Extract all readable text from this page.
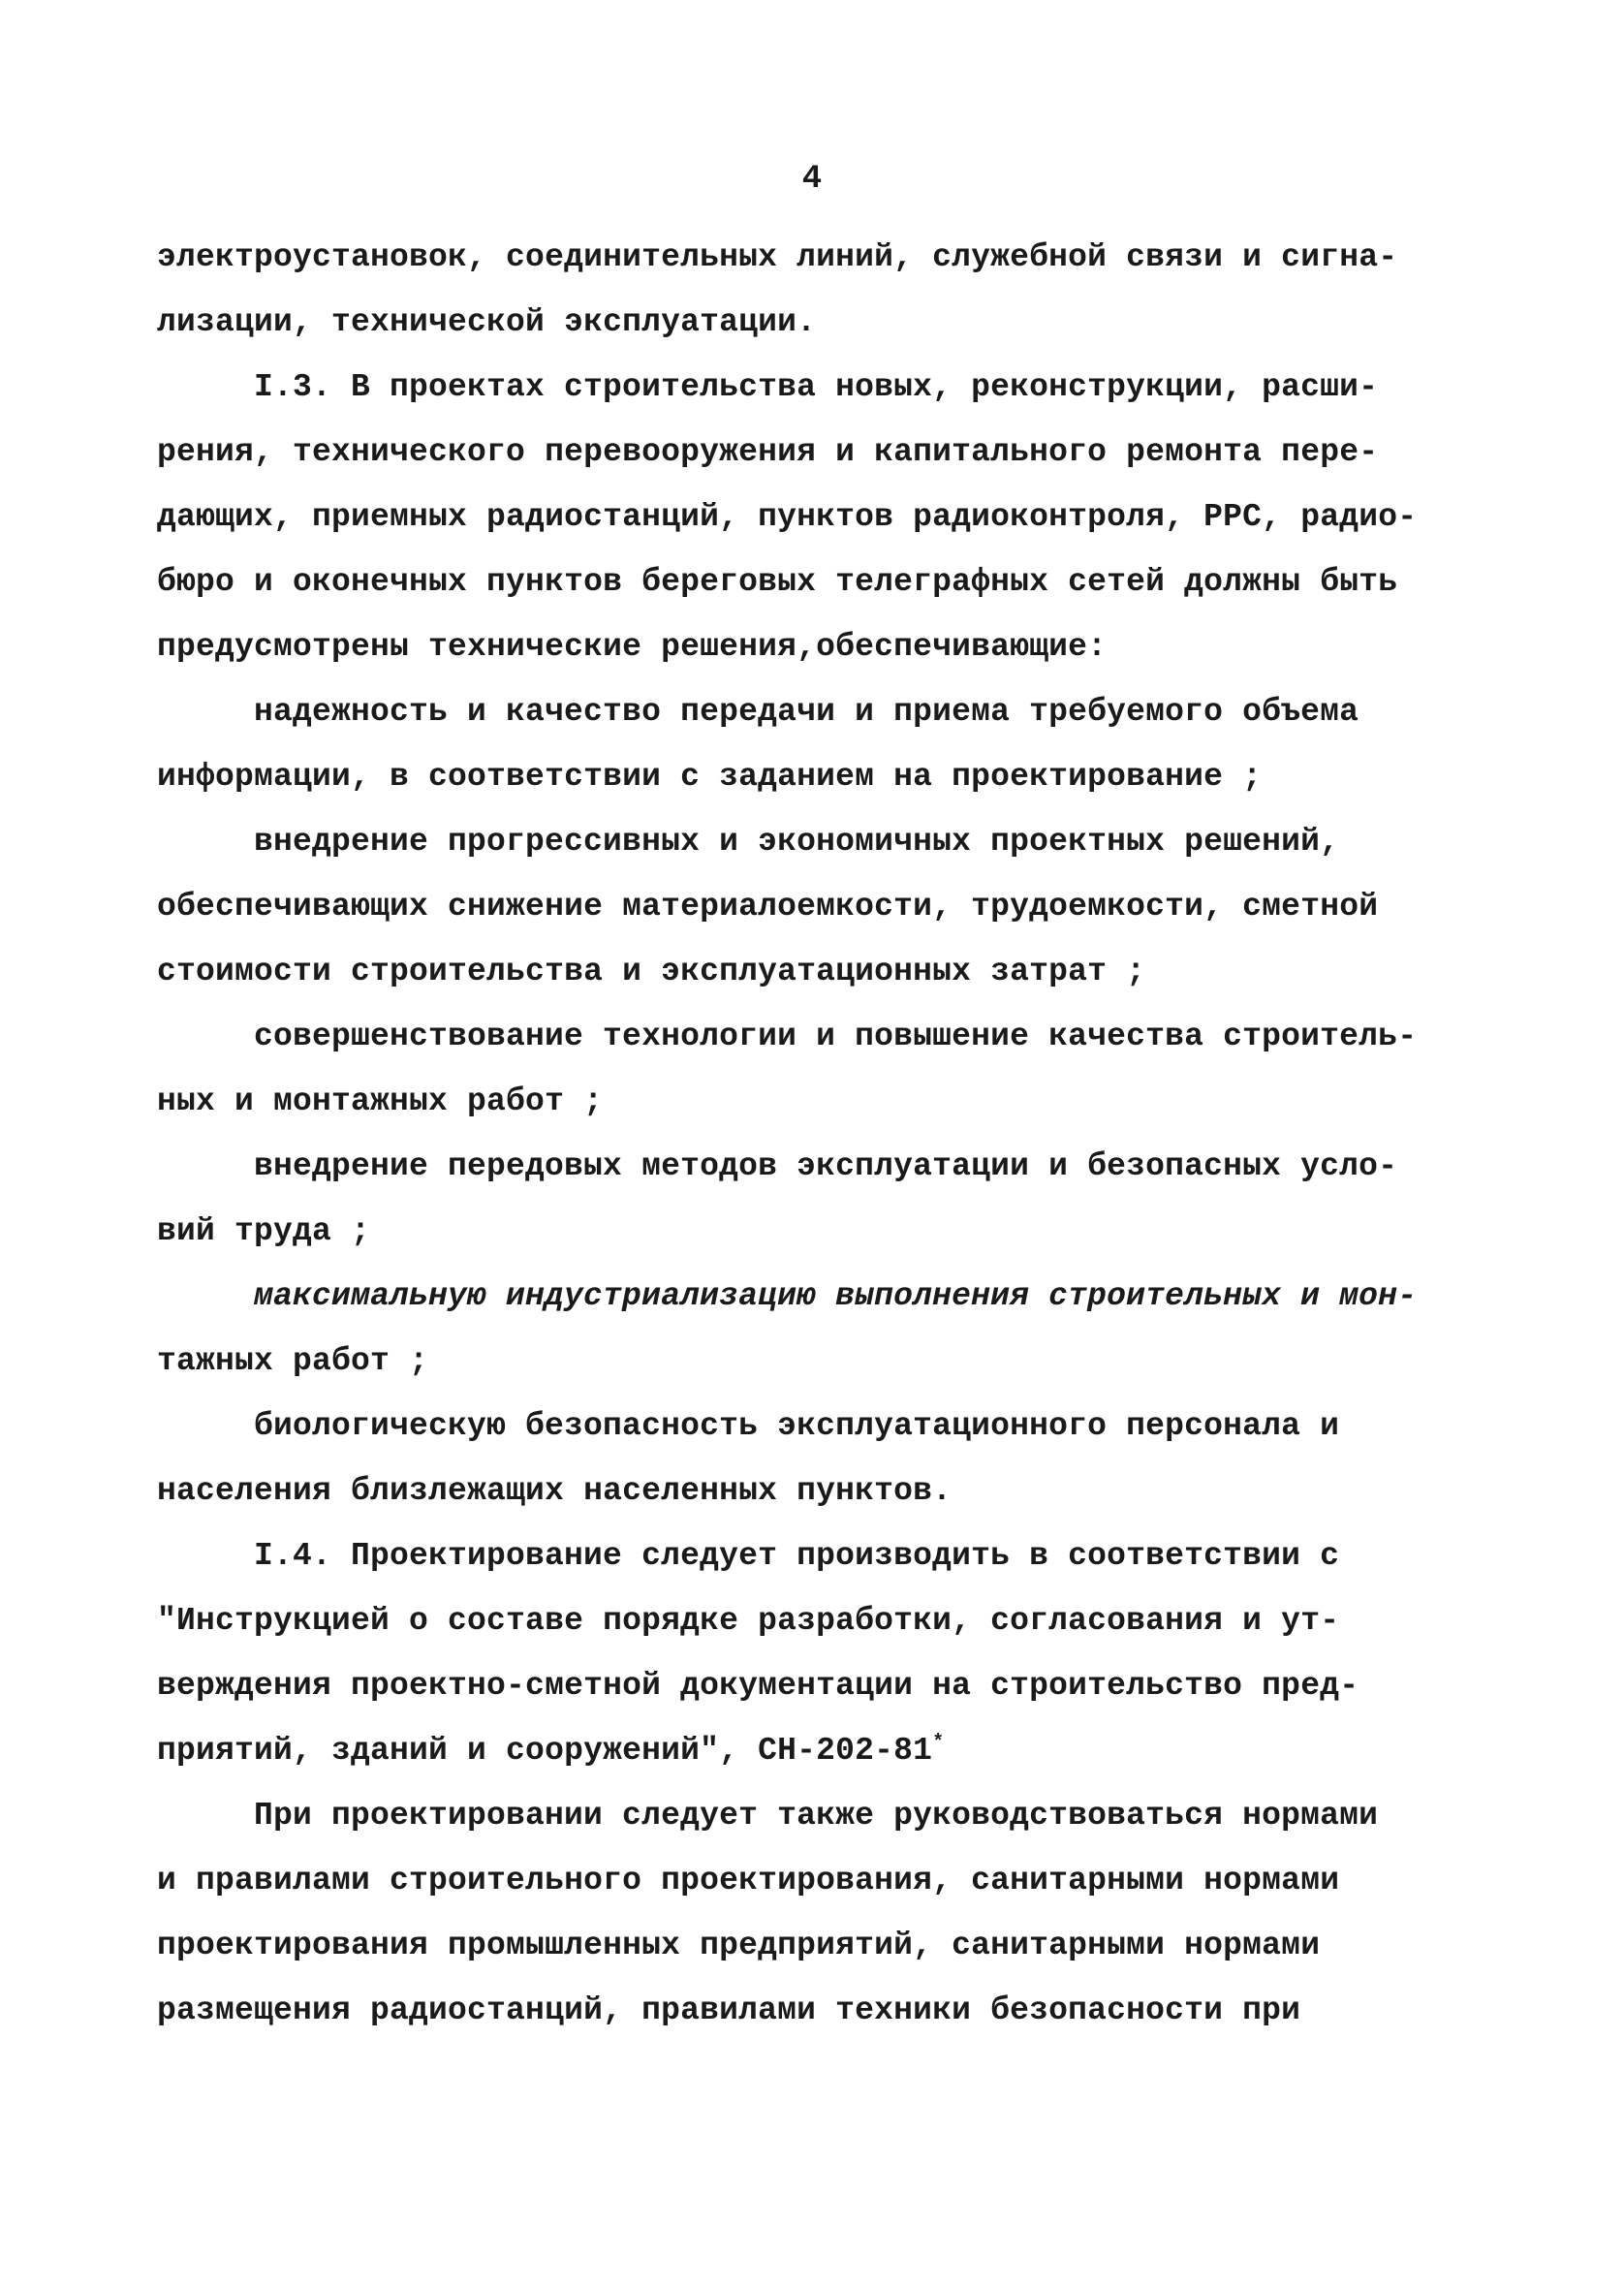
4
электроустановок, соединительных линий, служебной связи и сигна-
лизации, технической эксплуатации.
I.3. В проектах строительства новых, реконструкции, расши-
рения, технического перевооружения и капитального ремонта пере-
дающих, приемных радиостанций, пунктов радиоконтроля, РРС, радио-
бюро и оконечных пунктов береговых телеграфных сетей должны быть
предусмотрены технические решения,обеспечивающие:
надежность и качество передачи и приема требуемого объема
информации, в соответствии с заданием на проектирование ;
внедрение прогрессивных и экономичных проектных решений,
обеспечивающих снижение материалоемкости, трудоемкости, сметной
стоимости строительства и эксплуатационных затрат ;
совершенствование технологии и повышение качества строитель-
ных и монтажных работ ;
внедрение передовых методов эксплуатации и безопасных усло-
вий труда ;
максимальную индустриализацию выполнения строительных и мон-
тажных работ ;
биологическую безопасность эксплуатационного персонала и
населения близлежащих населенных пунктов.
I.4. Проектирование следует производить в соответствии с
"Инструкцией о составе порядке разработки, согласования и ут-
верждения проектно-сметной документации на строительство пред-
приятий, зданий и сооружений", СН-202-81*
При проектировании следует также руководствоваться нормами
и правилами строительного проектирования, санитарными нормами
проектирования промышленных предприятий, санитарными нормами
размещения радиостанций, правилами техники безопасности при
